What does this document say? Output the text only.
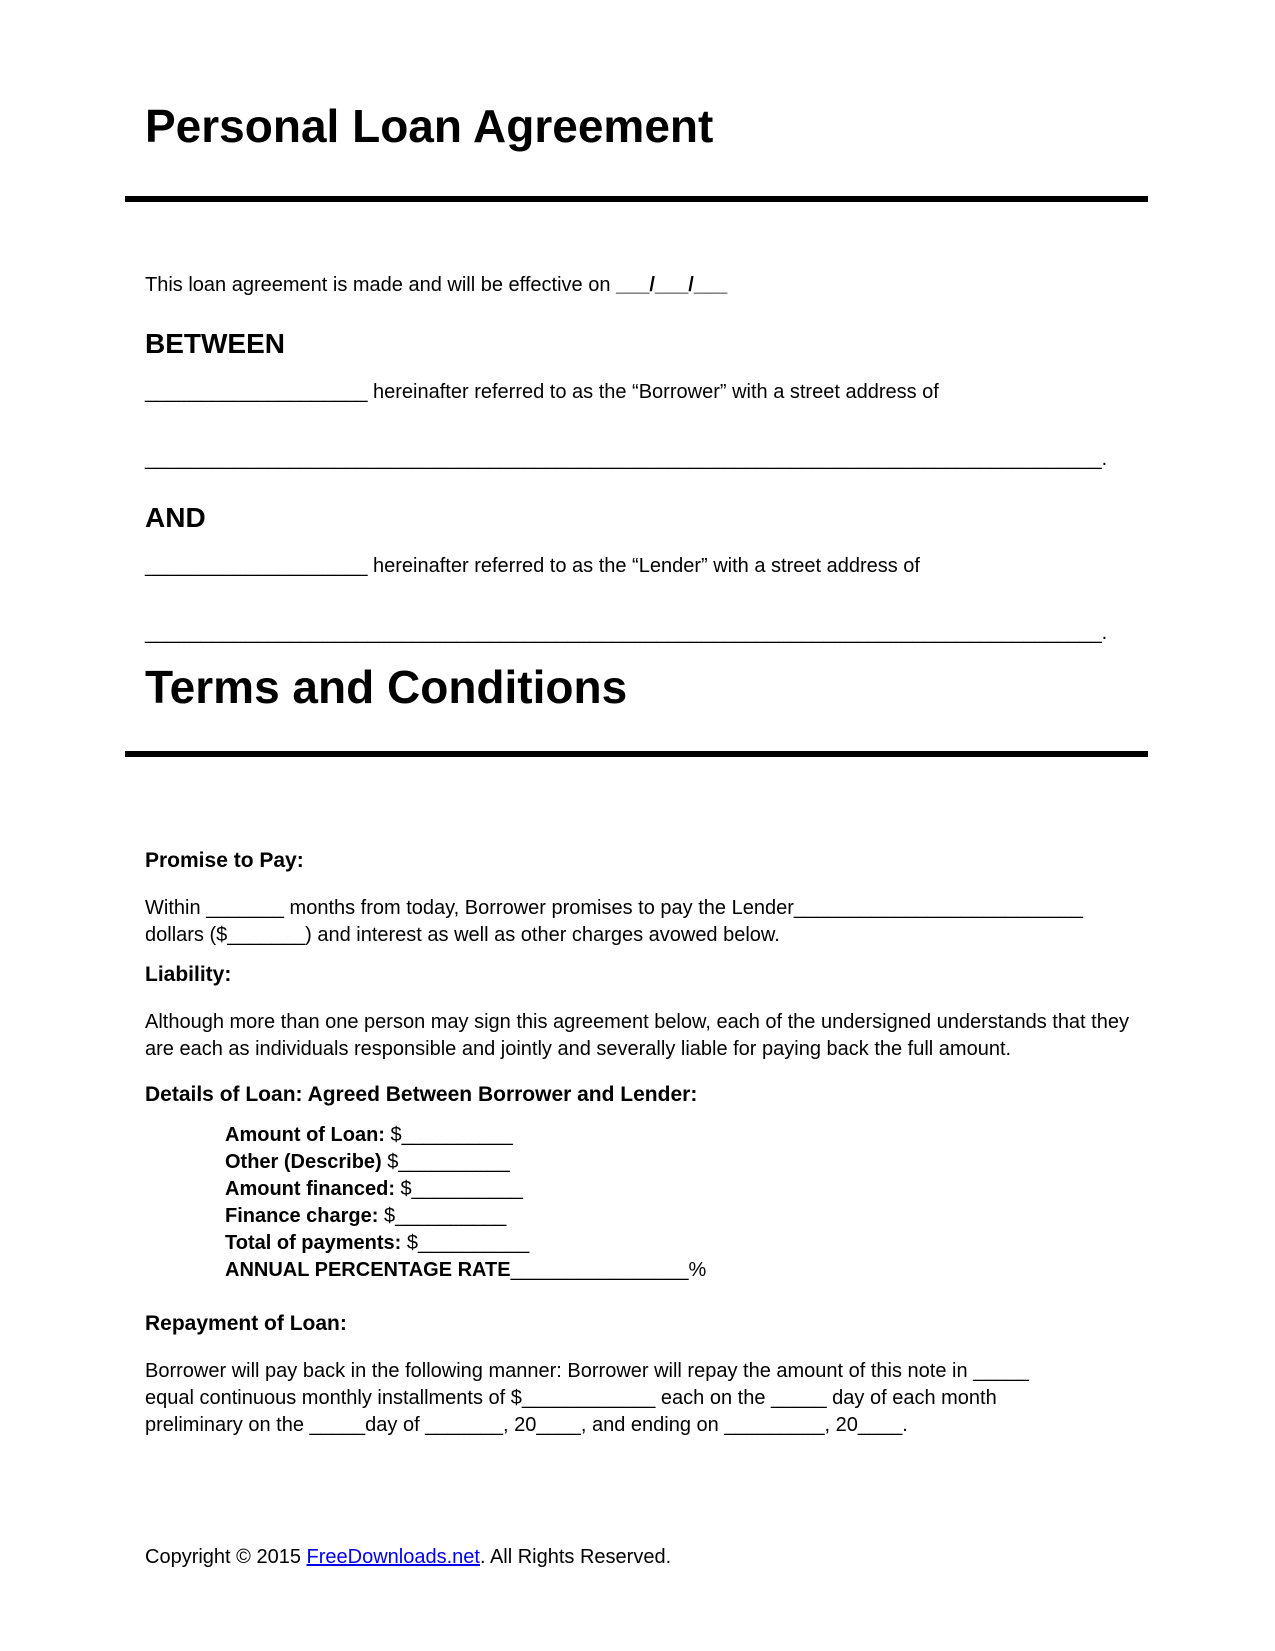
Personal Loan Agreement
This loan agreement is made and will be effective on ___/___/___
BETWEEN
____________________ hereinafter referred to as the “Borrower” with a street address of
______________________________________________________________________________________.
AND
____________________ hereinafter referred to as the “Lender” with a street address of
______________________________________________________________________________________.
Terms and Conditions
Promise to Pay:
Within _______ months from today, Borrower promises to pay the Lender__________________________
dollars ($_______) and interest as well as other charges avowed below.
Liability:
Although more than one person may sign this agreement below, each of the undersigned understands that they are each as individuals responsible and jointly and severally liable for paying back the full amount.
Details of Loan: Agreed Between Borrower and Lender:
Amount of Loan: $__________
Other (Describe) $__________
Amount financed: $__________
Finance charge: $__________
Total of payments: $__________
ANNUAL PERCENTAGE RATE________________%
Repayment of Loan:
Borrower will pay back in the following manner: Borrower will repay the amount of this note in _____
equal continuous monthly installments of $____________ each on the _____ day of each month
preliminary on the _____day of _______, 20____, and ending on _________, 20____.
Copyright © 2015 FreeDownloads.net. All Rights Reserved.
